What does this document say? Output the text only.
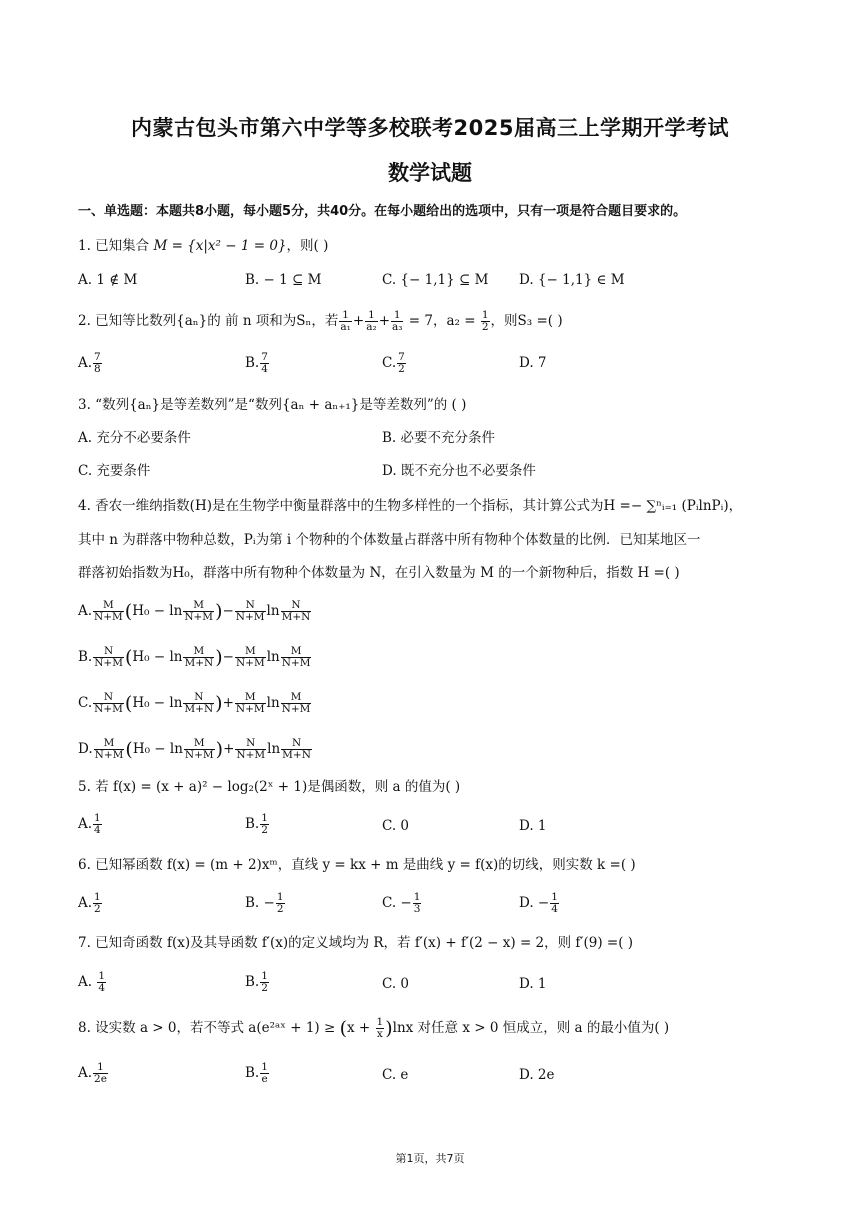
内蒙古包头市第六中学等多校联考2025届高三上学期开学考试
数学试题
一、单选题：本题共8小题，每小题5分，共40分。在每小题给出的选项中，只有一项是符合题目要求的。
1. 已知集合 M = {x|x² − 1 = 0}，则( )
A. 1 ∉ M	B. − 1 ⊆ M	C. {− 1,1} ⊆ M D. {− 1,1} ∈ M
2. 已知等比数列{aₙ}的 前 n 项和为Sₙ，若 $\frac{1}{\text{a₁}} + \frac{1}{\text{a₂}} + \frac{1}{\text{a₃}} = 7$，$a_2 = \frac{1}{2}$ ，则S₃ =( )
A. $\frac{7}{8}$	B. $\frac{7}{4}$	C. $\frac{7}{2}$	D. 7
3. “数列{aₙ}是等差数列”是“数列{aₙ + aₙ₊₁}是等差数列”的 ( )
A. 充分不必要条件	B. 必要不充分条件
C. 充要条件	D. 既不充分也不必要条件
4. 香农一维纳指数(H)是在生物学中衡量群落中的生物多样性的一个指标，其计算公式为H =− ∑ⁿᵢ₌₁ (PᵢlnPᵢ)，
其中 n 为群落中物种总数，Pᵢ为第 i 个物种的个体数量占群落中所有物种个体数量的比例．已知某地区一
群落初始指数为H₀，群落中所有物种个体数量为 N，在引入数量为 M 的一个新物种后，指数 H =( )
A. $\frac{M}{N+M} (H_0 - \ln \frac{M}{N+M}$ )− $\frac{N}{N+M}$ $\ln \frac{N}{M+N}$
B. $\frac{N}{N+M} (H_0 - \ln \frac{M}{M+N}$ )− $\frac{M}{N+M}$ $\ln \frac{M}{N+M}$
C. $\frac{N}{N+M} (H_0 - \ln \frac{N}{M+N}$ )+ $\frac{M}{N+M}$ $\ln \frac{M}{N+M}$
D. $\frac{M}{N+M} (H_0 - \ln \frac{M}{N+M}$ )+ $\frac{N}{N+M}$ $\ln \frac{N}{M+N}$
5. 若 f(x) = (x + a)² − log₂(2ˣ + 1)是偶函数，则 a 的值为( )
A. $\frac{1}{4}$	B. $\frac{1}{2}$	C. 0	D. 1
6. 已知幂函数 f(x) = (m + 2)xᵐ，直线 y = kx + m 是曲线 y = f(x)的切线，则实数 k =( )
A. $\frac{1}{2}$	B. − $\frac{1}{2}$	C. − $\frac{1}{3}$	D. − $\frac{1}{4}$
7. 已知奇函数 f(x)及其导函数 f′(x)的定义域均为 R，若 f′(x) + f′(2 − x) = 2，则 f′(9) =( )
A. $\frac{1}{4}$	B. $\frac{1}{2}$	C. 0	D. 1
8. 设实数 a > 0，若不等式 a(e²ᵃˣ + $1) \ge (x + \frac{1}{x} )\ln x$ 对任意 x > 0 恒成立，则 a 的最小值为( )
A. $\frac{1}{2e}$	B. $\frac{1}{e}$	C. e	D. 2e
第1页，共7页
